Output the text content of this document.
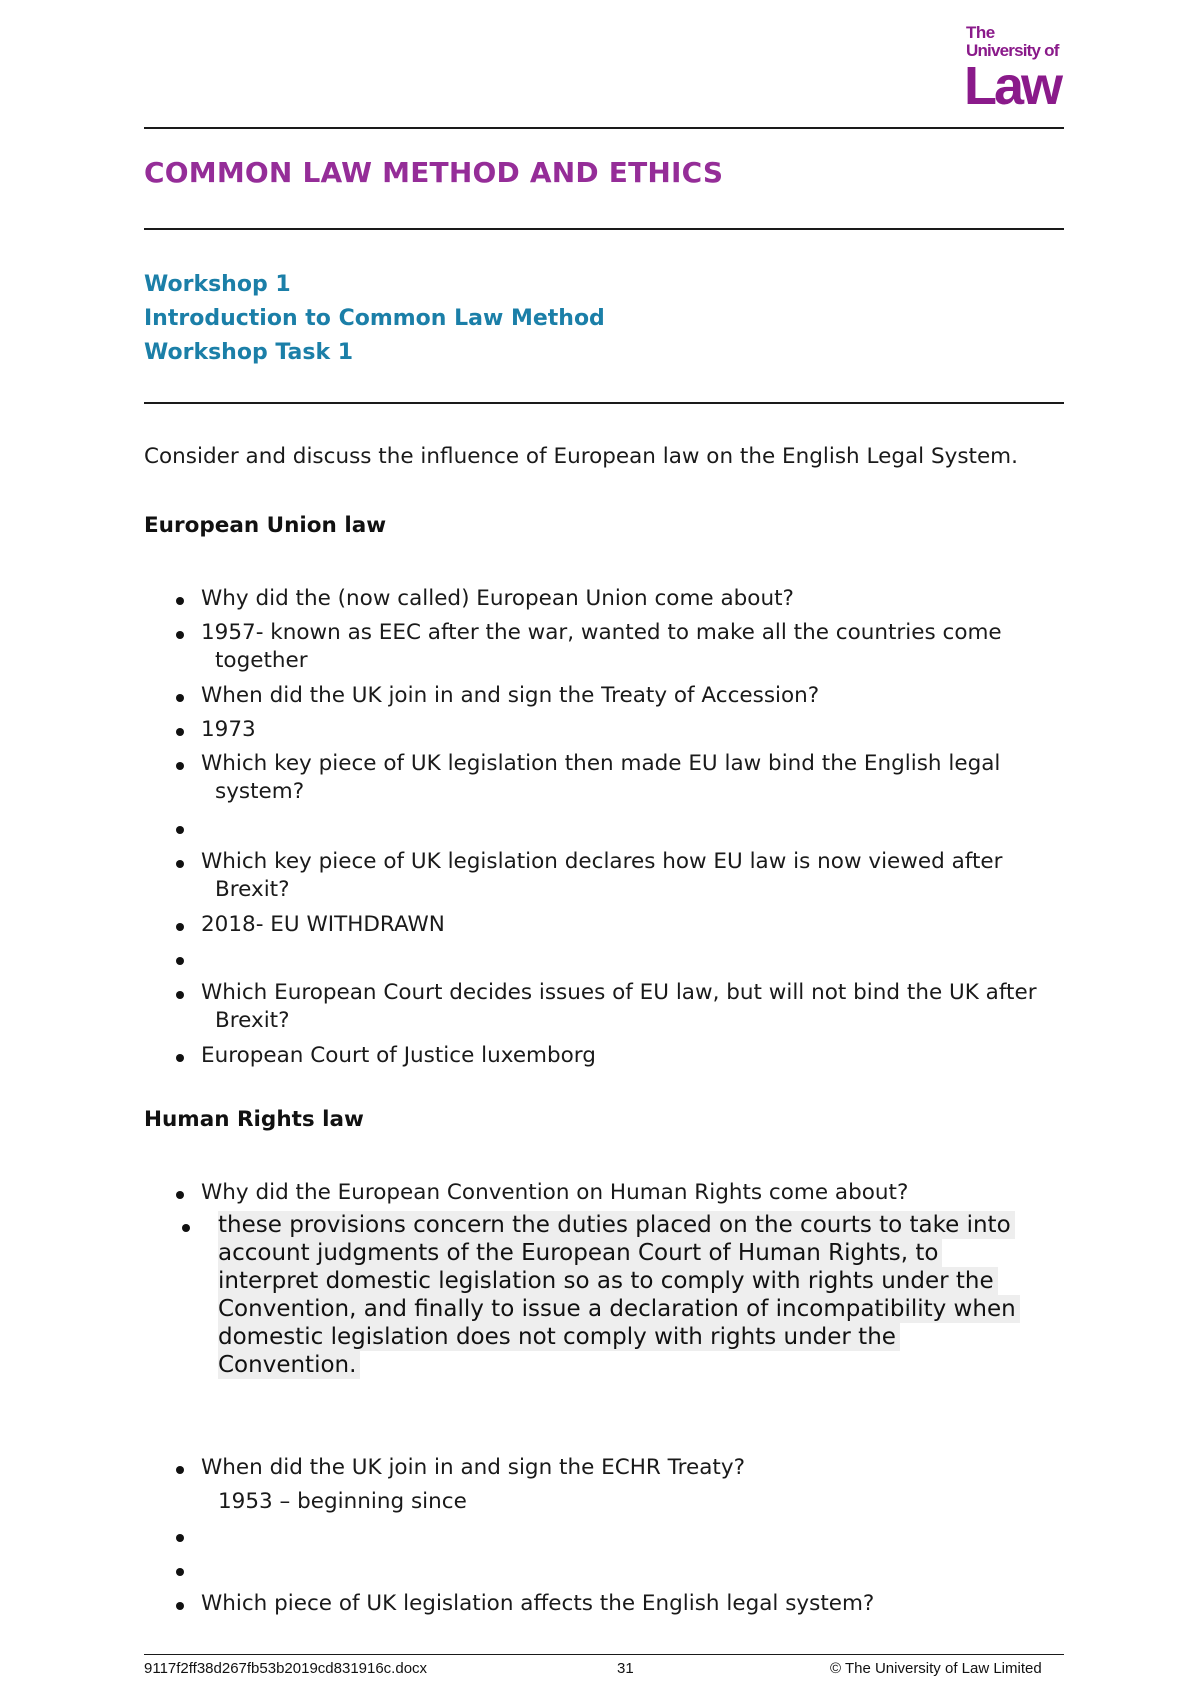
The
University of
Law
COMMON LAW METHOD AND ETHICS
Workshop 1
Introduction to Common Law Method
Workshop Task 1
Consider and discuss the influence of European law on the English Legal System.
European Union law
Why did the (now called) European Union come about?
1957- known as EEC after the war, wanted to make all the countries come
together
When did the UK join in and sign the Treaty of Accession?
1973
Which key piece of UK legislation then made EU law bind the English legal
system?
Which key piece of UK legislation declares how EU law is now viewed after
Brexit?
2018- EU WITHDRAWN
Which European Court decides issues of EU law, but will not bind the UK after
Brexit?
European Court of Justice luxemborg
Human Rights law
Why did the European Convention on Human Rights come about?
these provisions concern the duties placed on the courts to take into
account judgments of the European Court of Human Rights, to
interpret domestic legislation so as to comply with rights under the
Convention, and finally to issue a declaration of incompatibility when
domestic legislation does not comply with rights under the
Convention.
When did the UK join in and sign the ECHR Treaty?
1953 – beginning since
Which piece of UK legislation affects the English legal system?
9117f2ff38d267fb53b2019cd831916c.docx	31	© The University of Law Limited
